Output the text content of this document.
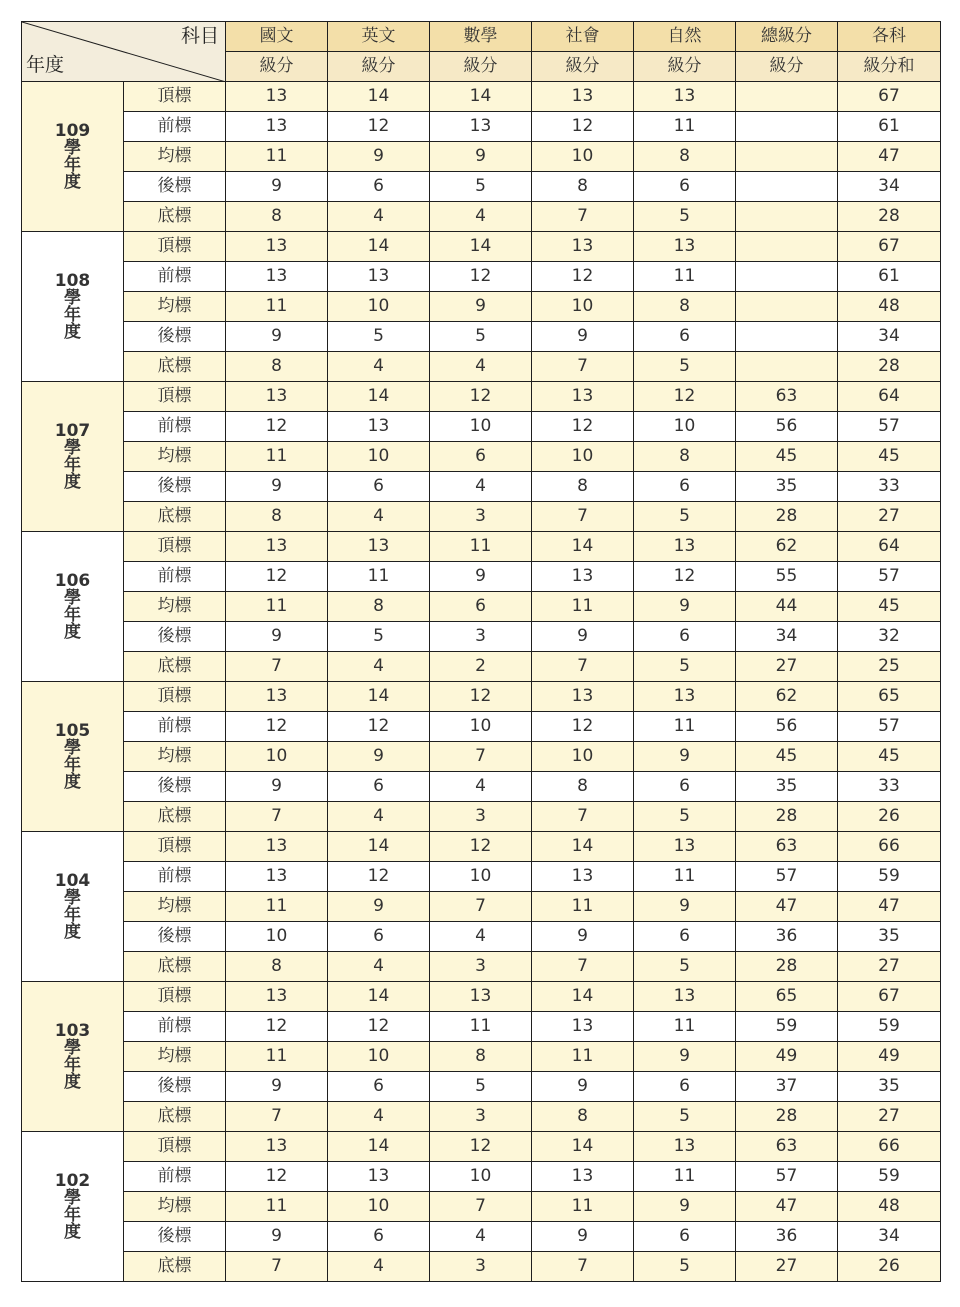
科目
年度		國文	英文	數學	社會	自然	總級分	各科
		級分	級分	級分	級分	級分	級分	級分和

109
學
年
度	頂標	13	14	14	13	13		67
	前標	13	12	13	12	11		61
	均標	11	9	9	10	8		47
	後標	9	6	5	8	6		34
	底標	8	4	4	7	5		28

108
學
年
度	頂標	13	14	14	13	13		67
	前標	13	13	12	12	11		61
	均標	11	10	9	10	8		48
	後標	9	5	5	9	6		34
	底標	8	4	4	7	5		28

107
學
年
度	頂標	13	14	12	13	12	63	64
	前標	12	13	10	12	10	56	57
	均標	11	10	6	10	8	45	45
	後標	9	6	4	8	6	35	33
	底標	8	4	3	7	5	28	27

106
學
年
度	頂標	13	13	11	14	13	62	64
	前標	12	11	9	13	12	55	57
	均標	11	8	6	11	9	44	45
	後標	9	5	3	9	6	34	32
	底標	7	4	2	7	5	27	25

105
學
年
度	頂標	13	14	12	13	13	62	65
	前標	12	12	10	12	11	56	57
	均標	10	9	7	10	9	45	45
	後標	9	6	4	8	6	35	33
	底標	7	4	3	7	5	28	26

104
學
年
度	頂標	13	14	12	14	13	63	66
	前標	13	12	10	13	11	57	59
	均標	11	9	7	11	9	47	47
	後標	10	6	4	9	6	36	35
	底標	8	4	3	7	5	28	27

103
學
年
度	頂標	13	14	13	14	13	65	67
	前標	12	12	11	13	11	59	59
	均標	11	10	8	11	9	49	49
	後標	9	6	5	9	6	37	35
	底標	7	4	3	8	5	28	27

102
學
年
度	頂標	13	14	12	14	13	63	66
	前標	12	13	10	13	11	57	59
	均標	11	10	7	11	9	47	48
	後標	9	6	4	9	6	36	34
	底標	7	4	3	7	5	27	26
